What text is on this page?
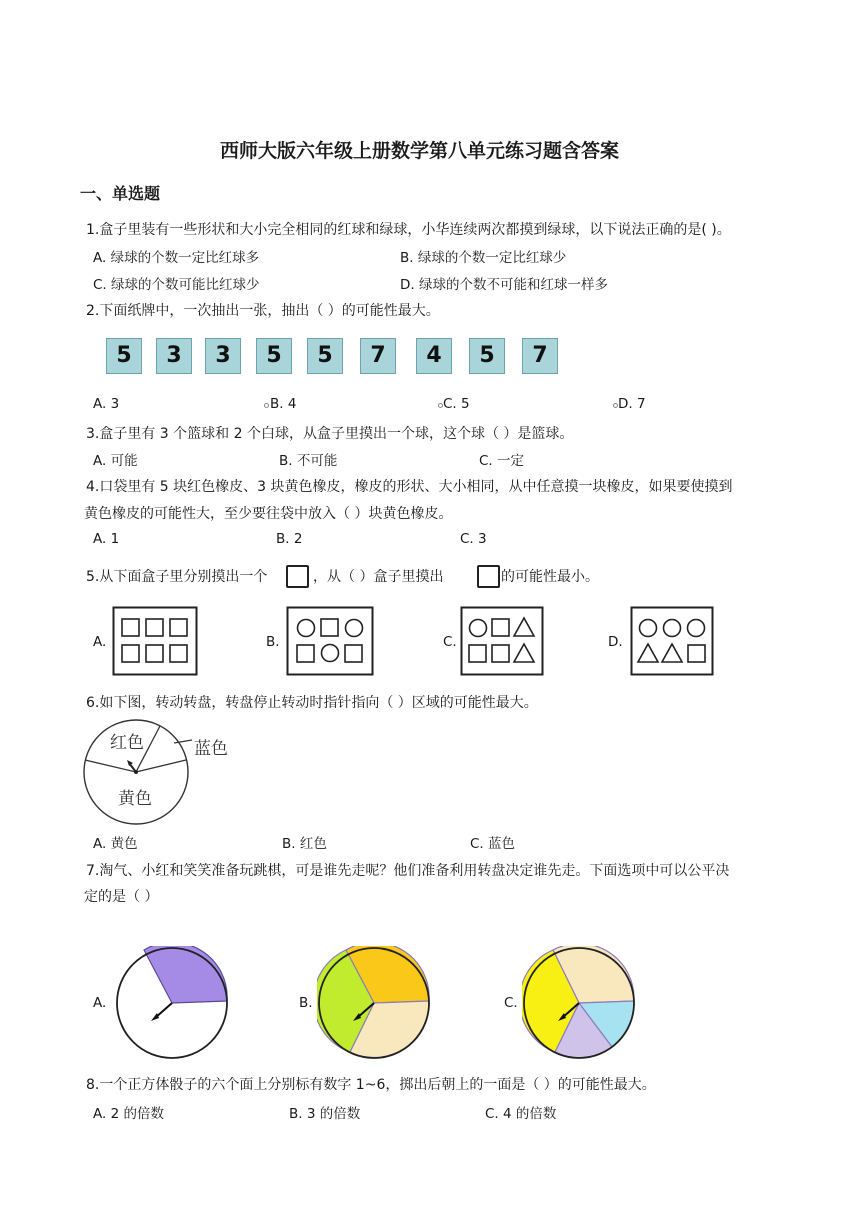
西师大版六年级上册数学第八单元练习题含答案
一、单选题
1.盒子里装有一些形状和大小完全相同的红球和绿球，小华连续两次都摸到绿球，以下说法正确的是( )。
A. 绿球的个数一定比红球多	B. 绿球的个数一定比红球少
C. 绿球的个数可能比红球少	D. 绿球的个数不可能和红球一样多
2.下面纸牌中，一次抽出一张，抽出（ ）的可能性最大。
5	3	3	5	5	7	4	5	7
A. 3	B. 4	C. 5	D. 7
3.盒子里有 3 个篮球和 2 个白球，从盒子里摸出一个球，这个球（ ）是篮球。
A. 可能	B. 不可能	C. 一定
4.口袋里有 5 块红色橡皮、3 块黄色橡皮，橡皮的形状、大小相同，从中任意摸一块橡皮，如果要使摸到
黄色橡皮的可能性大，至少要往袋中放入（ ）块黄色橡皮。
A. 1	B. 2	C. 3
5.从下面盒子里分别摸出一个	，从（ ）盒子里摸出	的可能性最小。
A.	B.	C.	D.
6.如下图，转动转盘，转盘停止转动时指针指向（ ）区域的可能性最大。
红色	蓝色
黄色
A. 黄色	B. 红色	C. 蓝色
7.淘气、小红和笑笑准备玩跳棋，可是谁先走呢？他们准备利用转盘决定谁先走。下面选项中可以公平决
定的是（ ）
A.	B.	C.
8.一个正方体骰子的六个面上分别标有数字 1~6，掷出后朝上的一面是（ ）的可能性最大。
A. 2 的倍数	B. 3 的倍数	C. 4 的倍数
